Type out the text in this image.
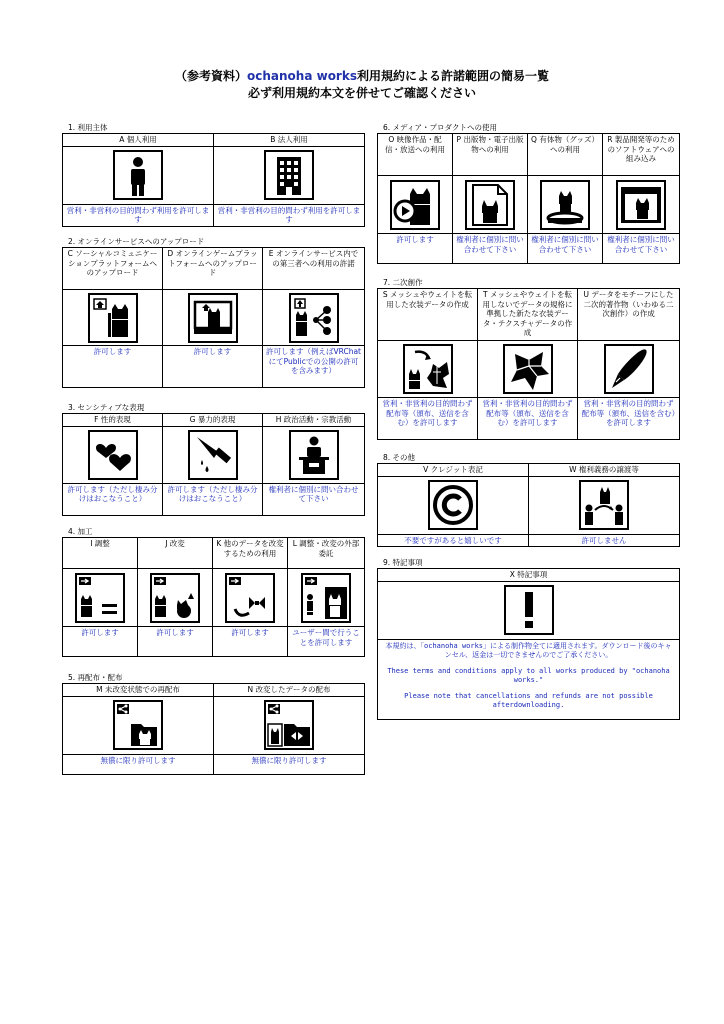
（参考資料）ochanoha works利用規約による許諾範囲の簡易一覧
必ず利用規約本文を併せてご確認ください
1. 利用主体
A 個人利用	B 法人利用

営利・非営利の目的問わず利用を許可します	営利・非営利の目的問わず利用を許可します
2. オンラインサービスへのアップロード
C ソーシャルコミュニケーションプラットフォームへのアップロード	D オンラインゲームプラットフォームへのアップロード	E オンラインサービス内での第三者への利用の許諾

許可します	許可します	許可します（例えばVRChatにてPublicでの公開の許可を含みます）
3. センシティブな表現
F 性的表現	G 暴力的表現	H 政治活動・宗教活動

許可します（ただし棲み分けはおこなうこと）	許可します（ただし棲み分けはおこなうこと）	権利者に個別に問い合わせて下さい
4. 加工
I 調整	J 改変	K 他のデータを改変するための利用	L 調整・改変の外部委託

許可します	許可します	許可します	ユーザー間で行うことを許可します
5. 再配布・配布
M 未改変状態での再配布	N 改変したデータの配布

無償に限り許可します	無償に限り許可します
6. メディア・プロダクトへの使用
O 映像作品・配信・放送への利用	P 出版物・電子出版物への利用	Q 有体物（グッズ）への利用	R 製品開発等のためのソフトウェアへの組み込み

許可します	権利者に個別に問い合わせて下さい	権利者に個別に問い合わせて下さい	権利者に個別に問い合わせて下さい
7. 二次創作
S メッシュやウェイトを転用した衣装データの作成	T メッシュやウェイトを転用しないでデータの規格に準拠した新たな衣装データ・テクスチャデータの作成	U データをモチーフにした二次的著作物（いわゆる二次創作）の作成

営利・非営利の目的問わず配布等（頒布、送信を含む）を許可します	営利・非営利の目的問わず配布等（頒布、送信を含む）を許可します	営利・非営利の目的問わず配布等（頒布、送信を含む）を許可します
8. その他
V クレジット表記	W 権利義務の譲渡等

不要ですがあると嬉しいです	許可しません
9. 特記事項
X 特記事項

本規約は、「ochanoha works」による制作物全てに適用されます。ダウンロード後のキャンセル、返金は一切できませんのでご了承ください。

These terms and conditions apply to all works produced by "ochanoha works."

Please note that cancellations and refunds are not possible afterdownloading.
